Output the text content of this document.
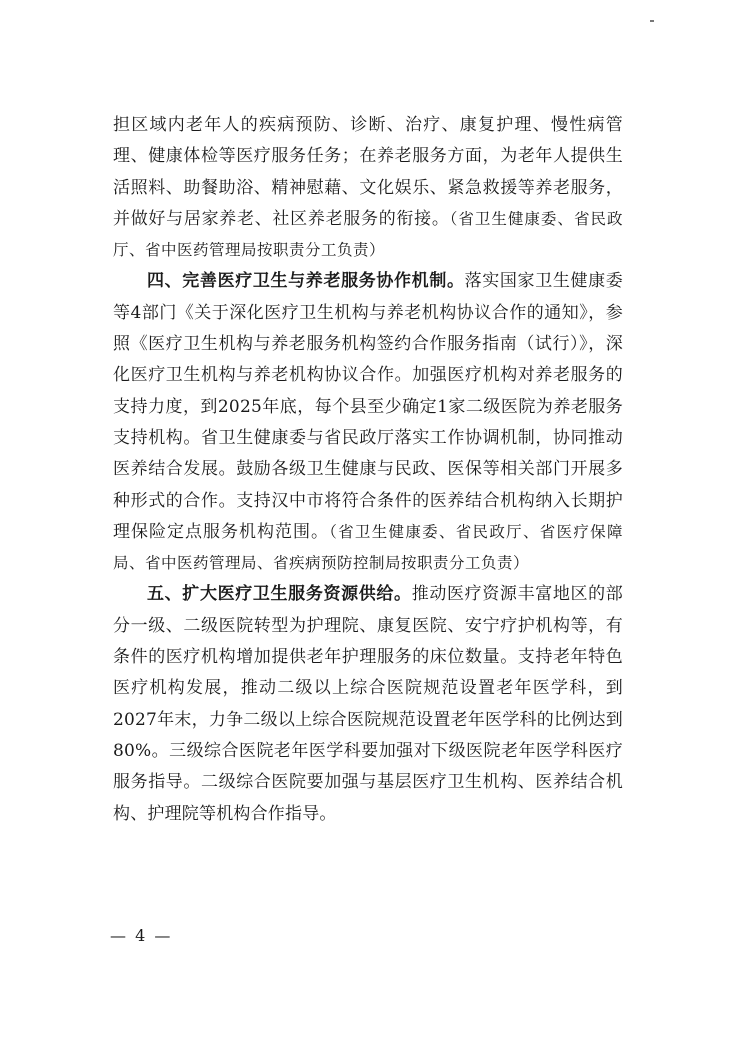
担区域内老年人的疾病预防、诊断、治疗、康复护理、慢性病管理、健康体检等医疗服务任务；在养老服务方面，为老年人提供生活照料、助餐助浴、精神慰藉、文化娱乐、紧急救援等养老服务，并做好与居家养老、社区养老服务的衔接。（省卫生健康委、省民政厅、省中医药管理局按职责分工负责）

四、完善医疗卫生与养老服务协作机制。落实国家卫生健康委等4部门《关于深化医疗卫生机构与养老机构协议合作的通知》，参照《医疗卫生机构与养老服务机构签约合作服务指南（试行）》，深化医疗卫生机构与养老机构协议合作。加强医疗机构对养老服务的支持力度，到2025年底，每个县至少确定1家二级医院为养老服务支持机构。省卫生健康委与省民政厅落实工作协调机制，协同推动医养结合发展。鼓励各级卫生健康与民政、医保等相关部门开展多种形式的合作。支持汉中市将符合条件的医养结合机构纳入长期护理保险定点服务机构范围。（省卫生健康委、省民政厅、省医疗保障局、省中医药管理局、省疾病预防控制局按职责分工负责）

五、扩大医疗卫生服务资源供给。推动医疗资源丰富地区的部分一级、二级医院转型为护理院、康复医院、安宁疗护机构等，有条件的医疗机构增加提供老年护理服务的床位数量。支持老年特色医疗机构发展，推动二级以上综合医院规范设置老年医学科，到2027年末，力争二级以上综合医院规范设置老年医学科的比例达到80%。三级综合医院老年医学科要加强对下级医院老年医学科医疗服务指导。二级综合医院要加强与基层医疗卫生机构、医养结合机构、护理院等机构合作指导。

— 4 —
